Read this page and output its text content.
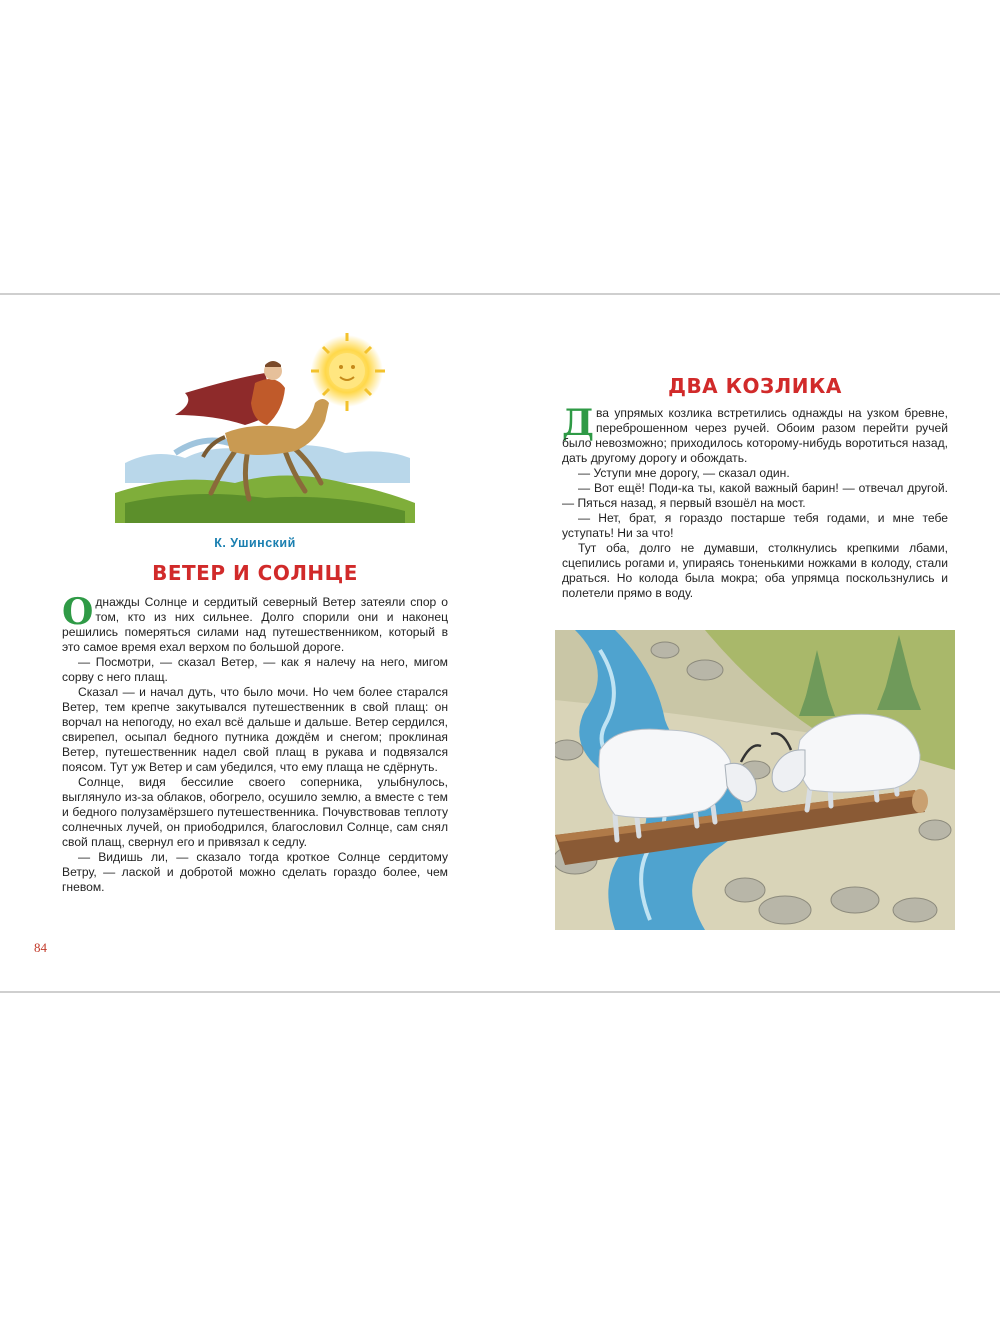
К. Ушинский
ВЕТЕР И СОЛНЦЕ

Однажды Солнце и сердитый северный Ветер затеяли спор о том, кто из них сильнее. Долго спорили они и наконец решились померяться силами над путешественником, который в это самое время ехал верхом по большой дороге.

— Посмотри, — сказал Ветер, — как я налечу на него, мигом сорву с него плащ.

Сказал — и начал дуть, что было мочи. Но чем более старался Ветер, тем крепче закутывался путешественник в свой плащ: он ворчал на непогоду, но ехал всё дальше и дальше. Ветер сердился, свирепел, осыпал бедного путника дождём и снегом; проклиная Ветер, путешественник надел свой плащ в рукава и подвязался поясом. Тут уж Ветер и сам убедился, что ему плаща не сдёрнуть.

Солнце, видя бессилие своего соперника, улыбнулось, выглянуло из-за облаков, обогрело, осушило землю, а вместе с тем и бедного полузамёрзшего путешественника. Почувствовав теплоту солнечных лучей, он приободрился, благословил Солнце, сам снял свой плащ, свернул его и привязал к седлу.

— Видишь ли, — сказало тогда кроткое Солнце сердитому Ветру, — лаской и добротой можно сделать гораздо более, чем гневом.

84
ДВА КОЗЛИКА

Два упрямых козлика встретились однажды на узком бревне, переброшенном через ручей. Обоим разом перейти ручей было невозможно; приходилось которому-нибудь воротиться назад, дать другому дорогу и обождать.

— Уступи мне дорогу, — сказал один.

— Вот ещё! Поди-ка ты, какой важный барин! — отвечал другой. — Пяться назад, я первый взошёл на мост.

— Нет, брат, я гораздо постарше тебя годами, и мне тебе уступать! Ни за что!

Тут оба, долго не думавши, столкнулись крепкими лбами, сцепились рогами и, упираясь тоненькими ножками в колоду, стали драться. Но колода была мокра; оба упрямца поскользнулись и полетели прямо в воду.
